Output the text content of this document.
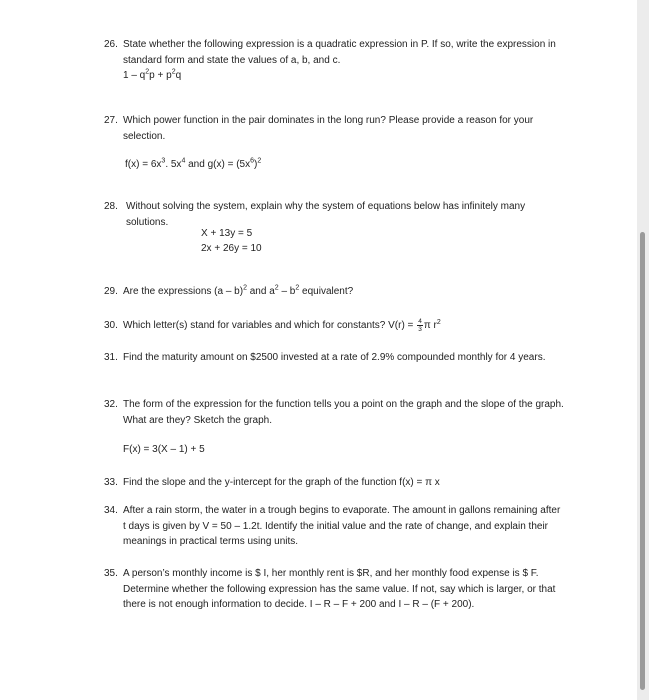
26. State whether the following expression is a quadratic expression in P. If so, write the expression in standard form and state the values of a, b, and c.
$1 - q^2p + p^2q$
27. Which power function in the pair dominates in the long run? Please provide a reason for your selection.
$f(x) = 6x^3$. $5x^4$ and $g(x) = (5x^6)^2$
28. Without solving the system, explain why the system of equations below has infinitely many solutions.
X + 13y = 5
2x + 26y = 10
29. Are the expressions (a – b)$^2$ and $a^2 - b^2$ equivalent?
30. Which letter(s) stand for variables and which for constants? $V(r) = \frac{4}{3}$ π $r^2$
31. Find the maturity amount on $2500 invested at a rate of 2.9% compounded monthly for 4 years.
32. The form of the expression for the function tells you a point on the graph and the slope of the graph. What are they? Sketch the graph.
F(x) = 3(X – 1) + 5
33. Find the slope and the y-intercept for the graph of the function f(x) = π x
34. After a rain storm, the water in a trough begins to evaporate. The amount in gallons remaining after t days is given by V = 50 – 1.2t. Identify the initial value and the rate of change, and explain their meanings in practical terms using units.
35. A person’s monthly income is $ I, her monthly rent is $R, and her monthly food expense is $ F. Determine whether the following expression has the same value. If not, say which is larger, or that there is not enough information to decide. I – R – F + 200 and I – R – (F + 200).
